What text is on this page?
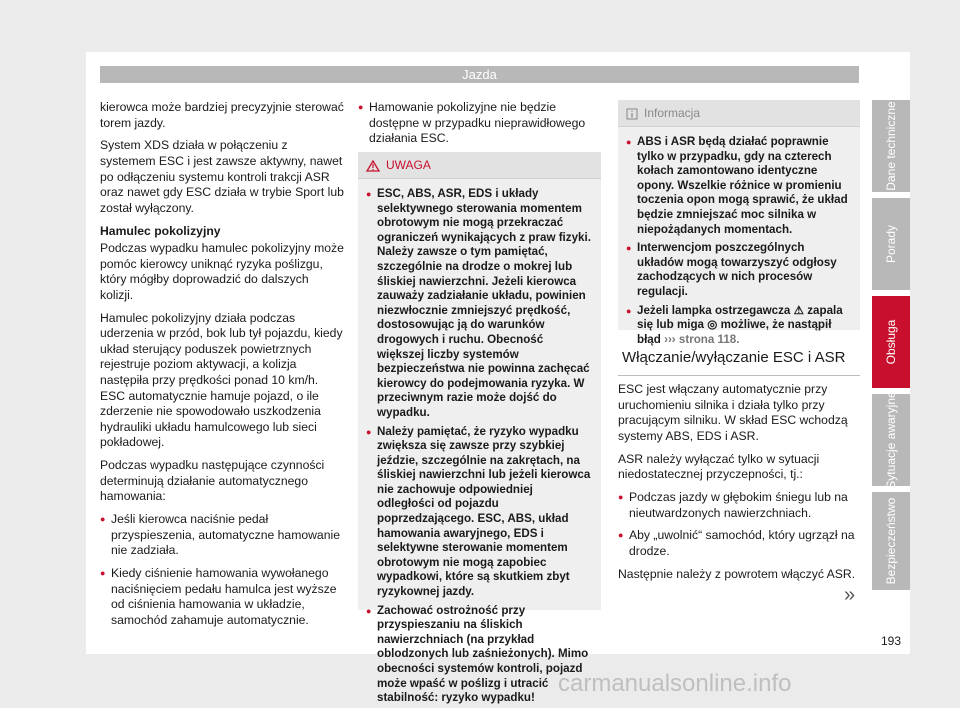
Jazda

kierowca może bardziej precyzyjnie sterować torem jazdy.

System XDS działa w połączeniu z systemem ESC i jest zawsze aktywny, nawet po odłączeniu systemu kontroli trakcji ASR oraz nawet gdy ESC działa w trybie Sport lub został wyłączony.

Hamulec pokolizyjny

Podczas wypadku hamulec pokolizyjny może pomóc kierowcy uniknąć ryzyka poślizgu, który mógłby doprowadzić do dalszych kolizji.

Hamulec pokolizyjny działa podczas uderzenia w przód, bok lub tył pojazdu, kiedy układ sterujący poduszek powietrznych rejestruje poziom aktywacji, a kolizja następiła przy prędkości ponad 10 km/h. ESC automatycznie hamuje pojazd, o ile zderzenie nie spowodowało uszkodzenia hydrauliki układu hamulcowego lub sieci pokładowej.

Podczas wypadku następujące czynności determinują działanie automatycznego hamowania:

● Jeśli kierowca naciśnie pedał przyspieszenia, automatyczne hamowanie nie zadziała.

● Kiedy ciśnienie hamowania wywołanego naciśnięciem pedału hamulca jest wyższe od ciśnienia hamowania w układzie, samochód zahamuje automatycznie.

● Hamowanie pokolizyjne nie będzie dostępne w przypadku nieprawidłowego działania ESC.

UWAGA

● ESC, ABS, ASR, EDS i układy selektywnego sterowania momentem obrotowym nie mogą przekraczać ograniczeń wynikających z praw fizyki. Należy zawsze o tym pamiętać, szczególnie na drodze o mokrej lub śliskiej nawierzchni. Jeżeli kierowca zauważy zadziałanie układu, powinien niezwłocznie zmniejszyć prędkość, dostosowując ją do warunków drogowych i ruchu. Obecność większej liczby systemów bezpieczeństwa nie powinna zachęcać kierowcy do podejmowania ryzyka. W przeciwnym razie może dojść do wypadku.

● Należy pamiętać, że ryzyko wypadku zwiększa się zawsze przy szybkiej jeździe, szczególnie na zakrętach, na śliskiej nawierzchni lub jeżeli kierowca nie zachowuje odpowiedniej odległości od pojazdu poprzedzającego. ESC, ABS, układ hamowania awaryjnego, EDS i selektywne sterowanie momentem obrotowym nie mogą zapobiec wypadkowi, które są skutkiem zbyt ryzykownej jazdy.

● Zachować ostrożność przy przyspieszaniu na śliskich nawierzchniach (na przykład oblodzonych lub zaśnieżonych). Mimo obecności systemów kontroli, pojazd może wpaść w poślizg i utracić stabilność: ryzyko wypadku!

Informacja

● ABS i ASR będą działać poprawnie tylko w przypadku, gdy na czterech kołach zamontowano identyczne opony. Wszelkie różnice w promieniu toczenia opon mogą sprawić, że układ będzie zmniejszać moc silnika w niepożądanych momentach.

● Interwencjom poszczególnych układów mogą towarzyszyć odgłosy zachodzących w nich procesów regulacji.

● Jeżeli lampka ostrzegawcza ⚠ zapala się lub miga ◎ możliwe, że nastąpił błąd ››› strona 118.

Włączanie/wyłączanie ESC i ASR

ESC jest włączany automatycznie przy uruchomieniu silnika i działa tylko przy pracującym silniku. W skład ESC wchodzą systemy ABS, EDS i ASR.

ASR należy wyłączać tylko w sytuacji niedostatecznej przyczepności, tj.:

● Podczas jazdy w głębokim śniegu lub na nieutwardzonych nawierzchniach.

● Aby „uwolnić“ samochód, który ugrzązł na drodze.

Następnie należy z powrotem włączyć ASR.

»
Dane techniczne
Porady
Obsługa
Sytuacje awaryjne
Bezpieczeństwo
193
carmanualsonline.info
